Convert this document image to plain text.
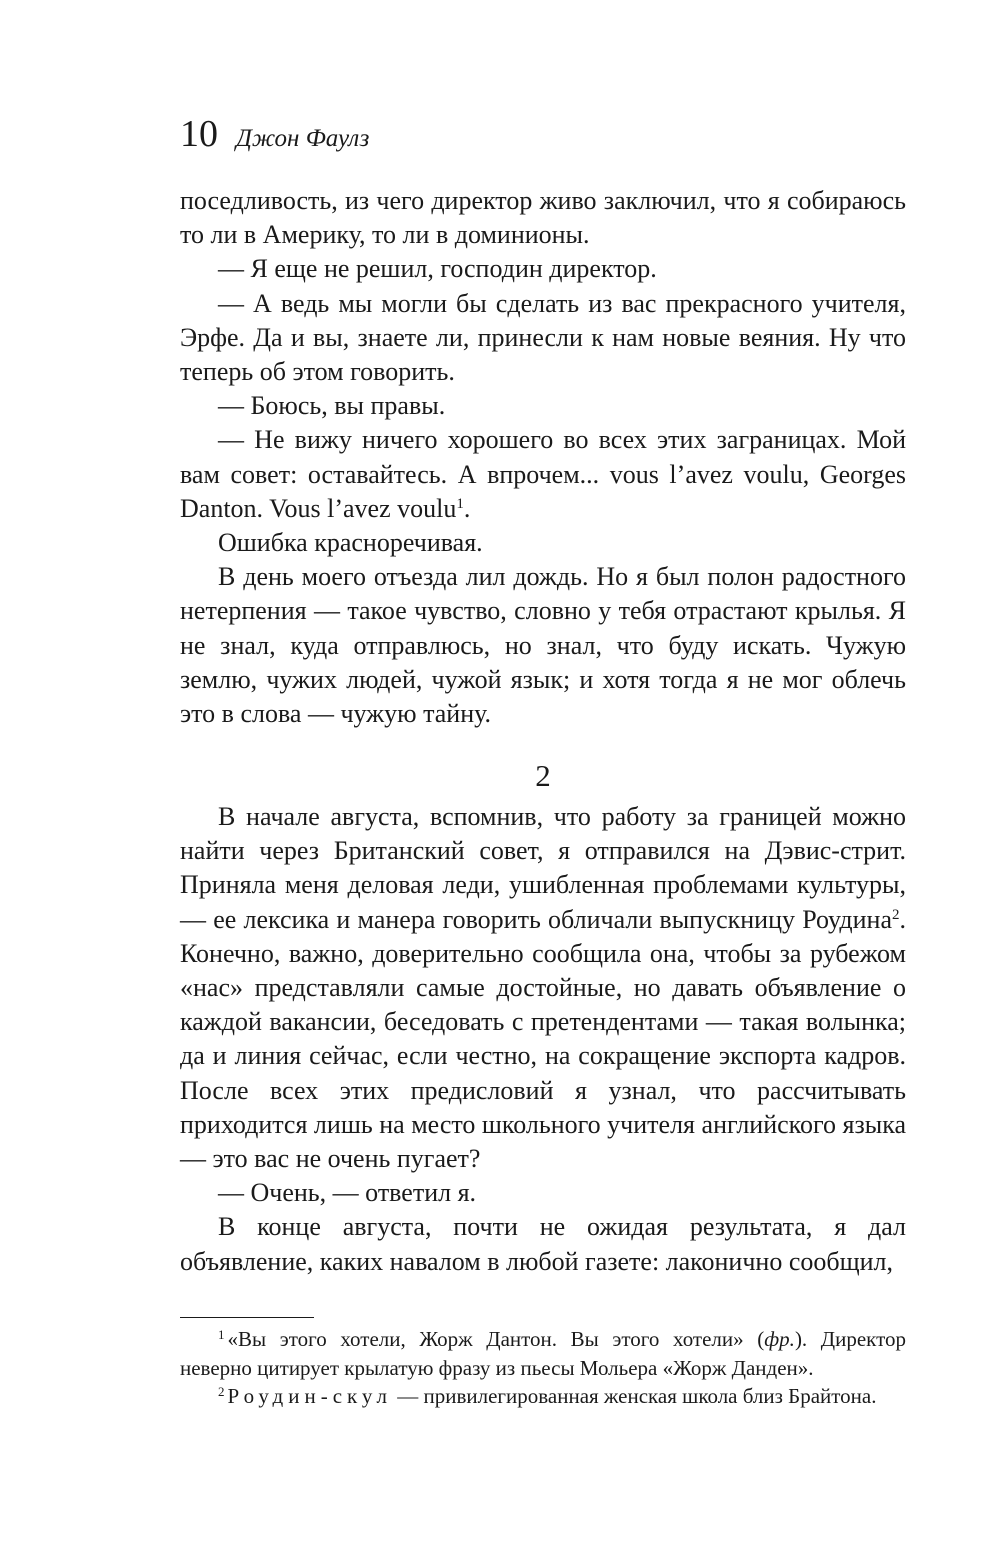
10 Джон Фаулз

поседливость, из чего директор живо заключил, что я собираюсь то ли в Америку, то ли в доминионы.

— Я еще не решил, господин директор.

— А ведь мы могли бы сделать из вас прекрасного учителя, Эрфе. Да и вы, знаете ли, принесли к нам новые веяния. Ну что теперь об этом говорить.

— Боюсь, вы правы.

— Не вижу ничего хорошего во всех этих заграницах. Мой вам совет: оставайтесь. А впрочем... vous l’avez voulu, Georges Danton. Vous l’avez voulu$^1$.

Ошибка красноречивая.

В день моего отъезда лил дождь. Но я был полон радостного нетерпения — такое чувство, словно у тебя отрастают крылья. Я не знал, куда отправлюсь, но знал, что буду искать. Чужую землю, чужих людей, чужой язык; и хотя тогда я не мог облечь это в слова — чужую тайну.

2

В начале августа, вспомнив, что работу за границей можно найти через Британский совет, я отправился на Дэвис-стрит. Приняла меня деловая леди, ушибленная проблемами культуры, — ее лексика и манера говорить обличали выпускницу Роудина$^2$. Конечно, важно, доверительно сообщила она, чтобы за рубежом «нас» представляли самые достойные, но давать объявление о каждой вакансии, беседовать с претендентами — такая волынка; да и линия сейчас, если честно, на сокращение экспорта кадров. После всех этих предисловий я узнал, что рассчитывать приходится лишь на место школьного учителя английского языка — это вас не очень пугает?

— Очень, — ответил я.

В конце августа, почти не ожидая результата, я дал объявление, каких навалом в любой газете: лаконично сообщил,

$^1$ «Вы этого хотели, Жорж Дантон. Вы этого хотели» (фр.). Директор неверно цитирует крылатую фразу из пьесы Мольера «Жорж Данден».

$^2$ Роудин-скул — привилегированная женская школа близ Брайтона.
